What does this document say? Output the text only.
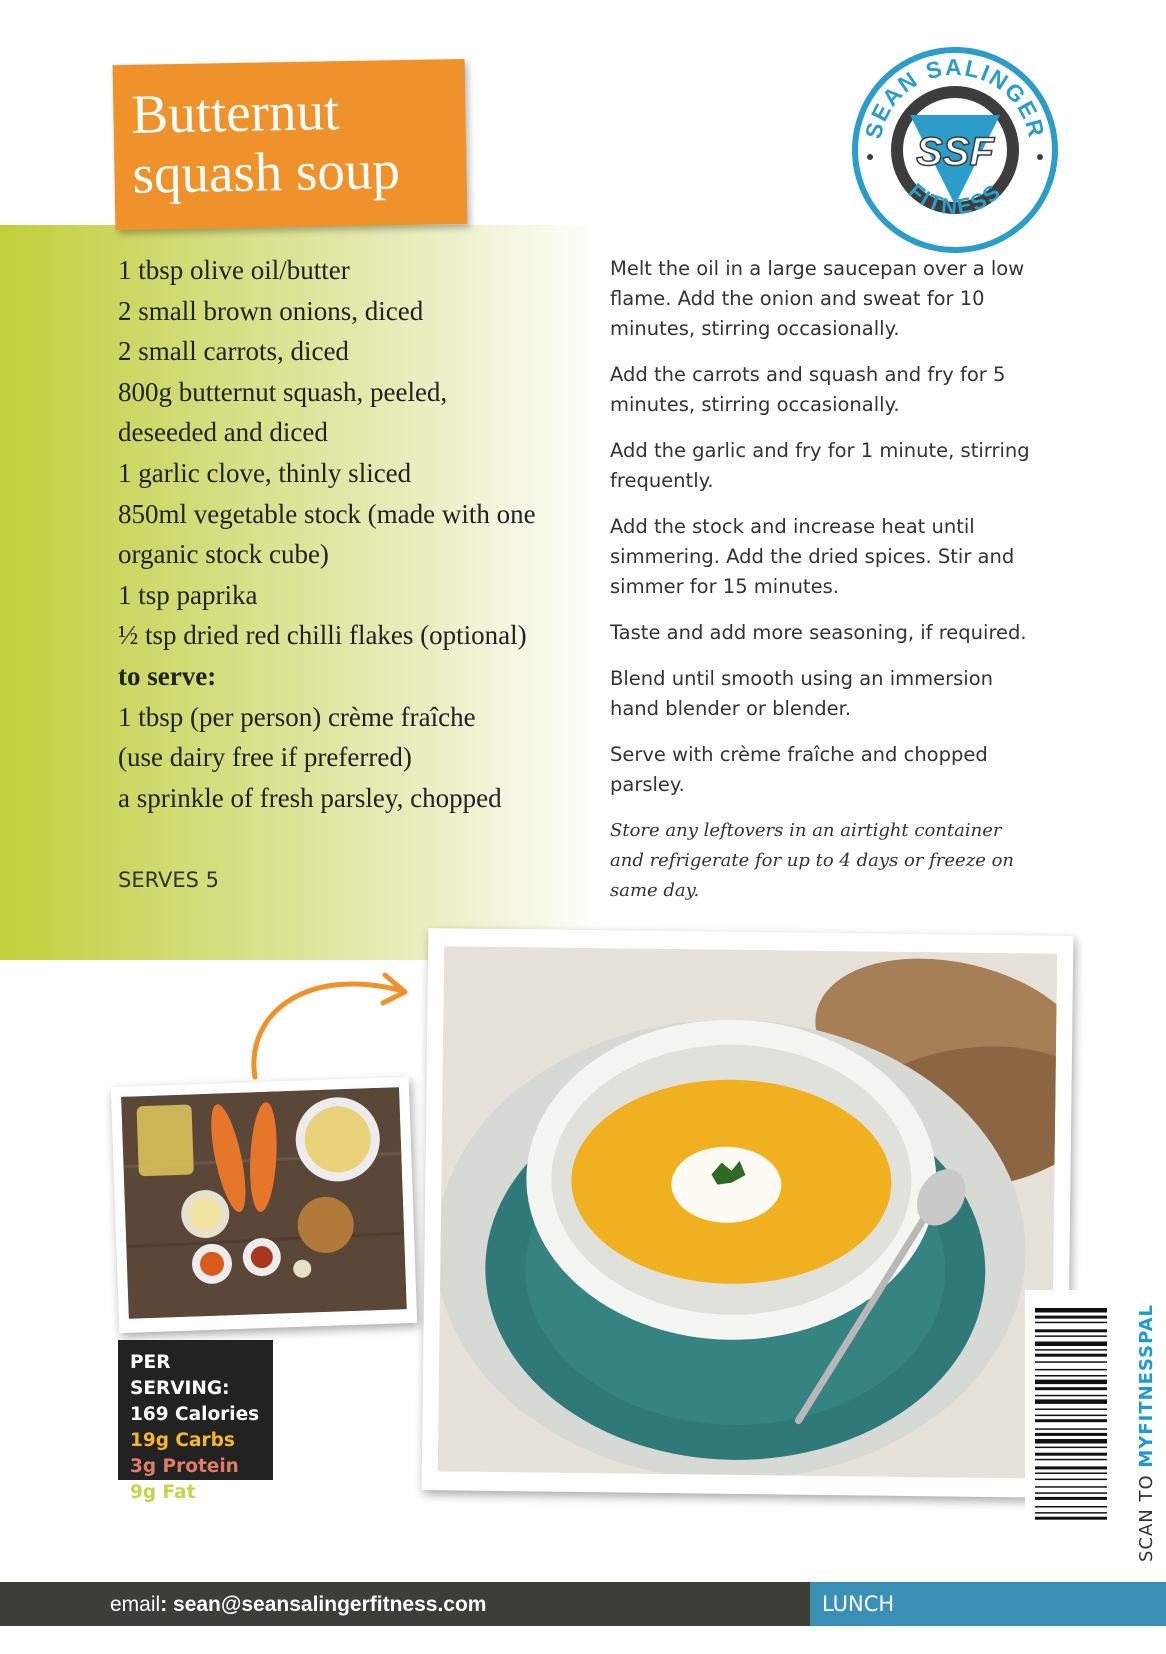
Butternut
squash soup	SSF
SEAN SALINGER
FITNESS
1 tbsp olive oil/butter
2 small brown onions, diced
2 small carrots, diced
800g butternut squash, peeled,
deseeded and diced
1 garlic clove, thinly sliced
850ml vegetable stock (made with one
organic stock cube)
1 tsp paprika
½ tsp dried red chilli flakes (optional)
to serve:
1 tbsp (per person) crème fraîche
(use dairy free if preferred)
a sprinkle of fresh parsley, chopped
SERVES 5

Melt the oil in a large saucepan over a low flame. Add the onion and sweat for 10 minutes, stirring occasionally.

Add the carrots and squash and fry for 5 minutes, stirring occasionally.

Add the garlic and fry for 1 minute, stirring frequently.

Add the stock and increase heat until simmering. Add the dried spices. Stir and simmer for 15 minutes.

Taste and add more seasoning, if required.

Blend until smooth using an immersion hand blender or blender.

Serve with crème fraîche and chopped parsley.

Store any leftovers in an airtight container and refrigerate for up to 4 days or freeze on same day.

PER SERVING:
169 Calories
19g Carbs
3g Protein
9g Fat	SCAN TO MYFITNESSPAL
email: sean@seansalingerfitness.com	LUNCH
